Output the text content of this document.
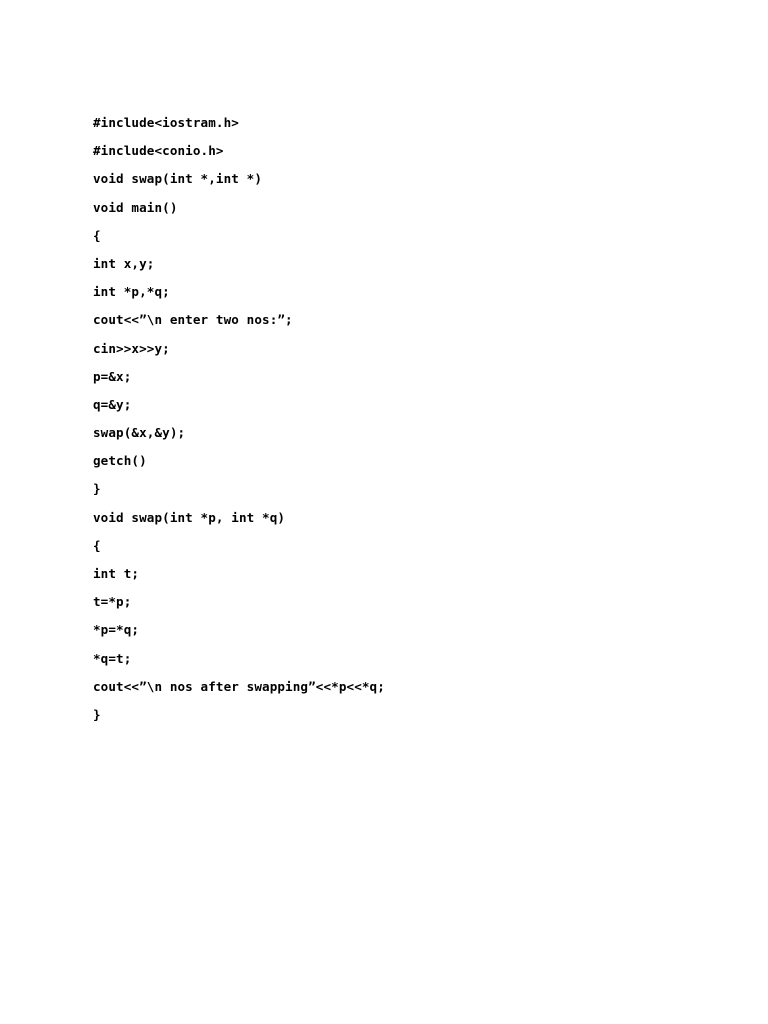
#include<iostram.h>
#include<conio.h>
void swap(int *,int *)
void main()
{
int x,y;
int *p,*q;
cout<<”\n enter two nos:”;
cin>>x>>y;
p=&x;
q=&y;
swap(&x,&y);
getch()
}
void swap(int *p, int *q)
{
int t;
t=*p;
*p=*q;
*q=t;
cout<<”\n nos after swapping”<<*p<<*q;
}
